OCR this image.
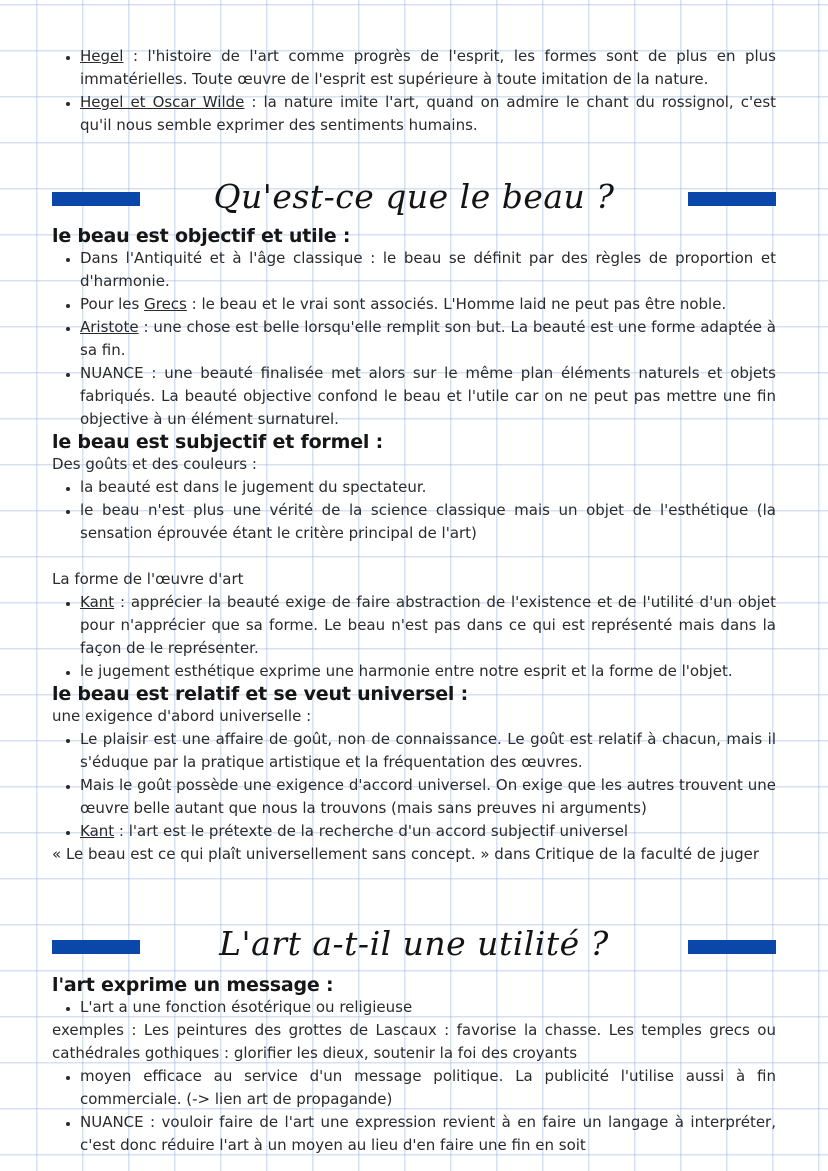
• Hegel : l'histoire de l'art comme progrès de l'esprit, les formes sont de plus en plus immatérielles. Toute œuvre de l'esprit est supérieure à toute imitation de la nature.
• Hegel et Oscar Wilde : la nature imite l'art, quand on admire le chant du rossignol, c'est qu'il nous semble exprimer des sentiments humains.
Qu'est-ce que le beau ?
le beau est objectif et utile :
• Dans l'Antiquité et à l'âge classique : le beau se définit par des règles de proportion et d'harmonie.
• Pour les Grecs : le beau et le vrai sont associés. L'Homme laid ne peut pas être noble.
• Aristote : une chose est belle lorsqu'elle remplit son but. La beauté est une forme adaptée à sa fin.
• NUANCE : une beauté finalisée met alors sur le même plan éléments naturels et objets fabriqués. La beauté objective confond le beau et l'utile car on ne peut pas mettre une fin objective à un élément surnaturel.
le beau est subjectif et formel :

Des goûts et des couleurs :

• la beauté est dans le jugement du spectateur.
• le beau n'est plus une vérité de la science classique mais un objet de l'esthétique (la sensation éprouvée étant le critère principal de l'art)

La forme de l'œuvre d'art

• Kant : apprécier la beauté exige de faire abstraction de l'existence et de l'utilité d'un objet pour n'apprécier que sa forme. Le beau n'est pas dans ce qui est représenté mais dans la façon de le représenter.
• le jugement esthétique exprime une harmonie entre notre esprit et la forme de l'objet.
le beau est relatif et se veut universel :

une exigence d'abord universelle :

• Le plaisir est une affaire de goût, non de connaissance. Le goût est relatif à chacun, mais il s'éduque par la pratique artistique et la fréquentation des œuvres.
• Mais le goût possède une exigence d'accord universel. On exige que les autres trouvent une œuvre belle autant que nous la trouvons (mais sans preuves ni arguments)
• Kant : l'art est le prétexte de la recherche d'un accord subjectif universel

« Le beau est ce qui plaît universellement sans concept. » dans Critique de la faculté de juger

L'art a-t-il une utilité ?
l'art exprime un message :
• L'art a une fonction ésotérique ou religieuse

exemples : Les peintures des grottes de Lascaux : favorise la chasse. Les temples grecs ou cathédrales gothiques : glorifier les dieux, soutenir la foi des croyants

• moyen efficace au service d'un message politique. La publicité l'utilise aussi à fin commerciale. (-> lien art de propagande)
• NUANCE : vouloir faire de l'art une expression revient à en faire un langage à interpréter, c'est donc réduire l'art à un moyen au lieu d'en faire une fin en soit
